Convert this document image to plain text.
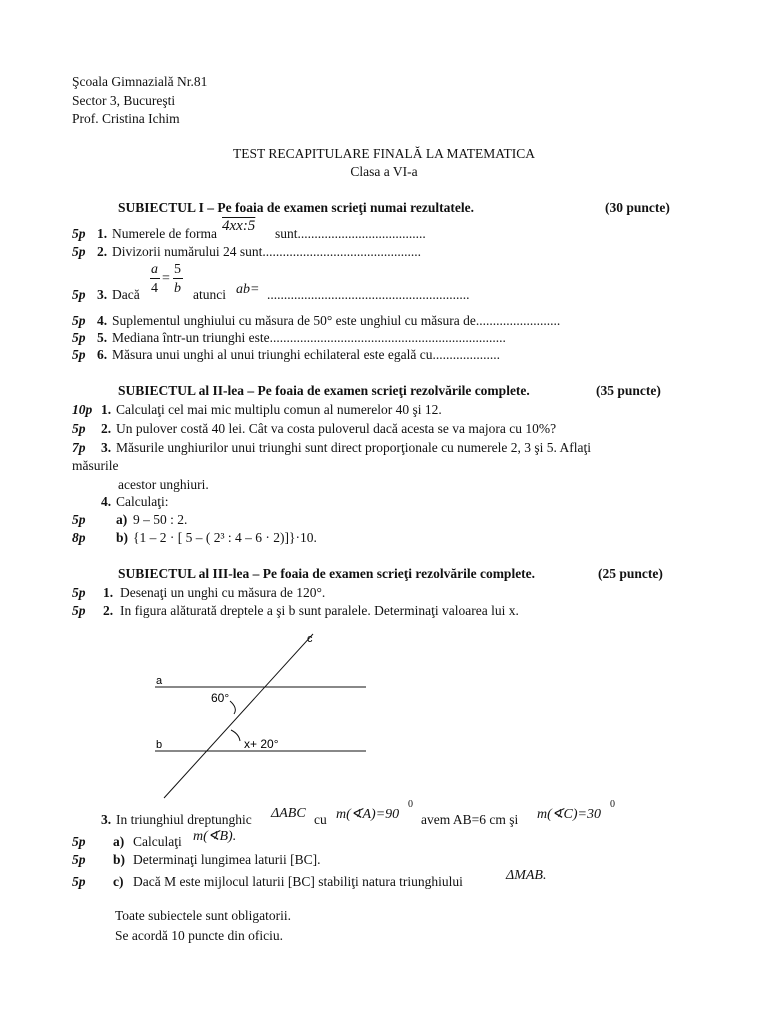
Şcoala Gimnazială Nr.81
Sector 3, Bucureşti
Prof. Cristina Ichim
TEST RECAPITULARE FINALĂ LA MATEMATICA
Clasa a VI-a
SUBIECTUL I – Pe foaia de examen scrieţi numai rezultatele.	(30 puncte)
5p 1. Numerele de forma 4xx:5 sunt......................................
5p 2. Divizorii numărului 24 sunt...............................................
5p 3. Dacă
a
4
=
5
b atunci ab= ............................................................
5p 4. Suplementul unghiului cu măsura de 50° este unghiul cu măsura de.........................
5p 5. Mediana într-un triunghi este......................................................................
5p 6. Măsura unui unghi al unui triunghi echilateral este egală cu....................
SUBIECTUL al II-lea – Pe foaia de examen scrieţi rezolvările complete.	(35 puncte)
10p 1. Calculaţi cel mai mic multiplu comun al numerelor 40 şi 12.
5p 2. Un pulover costă 40 lei. Cât va costa puloverul dacă acesta se va majora cu 10%?
7p 3. Măsurile unghiurilor unui triunghi sunt direct proporţionale cu numerele 2, 3 şi 5. Aflaţi
măsurile
acestor unghiuri.
4. Calculaţi:
5p a) 9 – 50 : 2.
8p b) {1 – 2 · [ 5 – ( 2³ : 4 – 6 · 2)]}·10.
SUBIECTUL al III-lea – Pe foaia de examen scrieţi rezolvările complete.	(25 puncte)
5p 1. Desenaţi un unghi cu măsura de 120°.
5p 2. In figura alăturată dreptele a şi b sunt paralele. Determinaţi valoarea lui x.
a
b
c
60°
x+ 20°
3. In triunghiul dreptunghic ΔABC cu m(∢A)=90
0
avem AB=6 cm şi m(∢C)=30
0
5p a) Calculaţi m(∢B).
5p b) Determinaţi lungimea laturii [BC].
5p c) Dacă M este mijlocul laturii [BC] stabiliţi natura triunghiului	ΔMAB.
Toate subiectele sunt obligatorii.
Se acordă 10 puncte din oficiu.
